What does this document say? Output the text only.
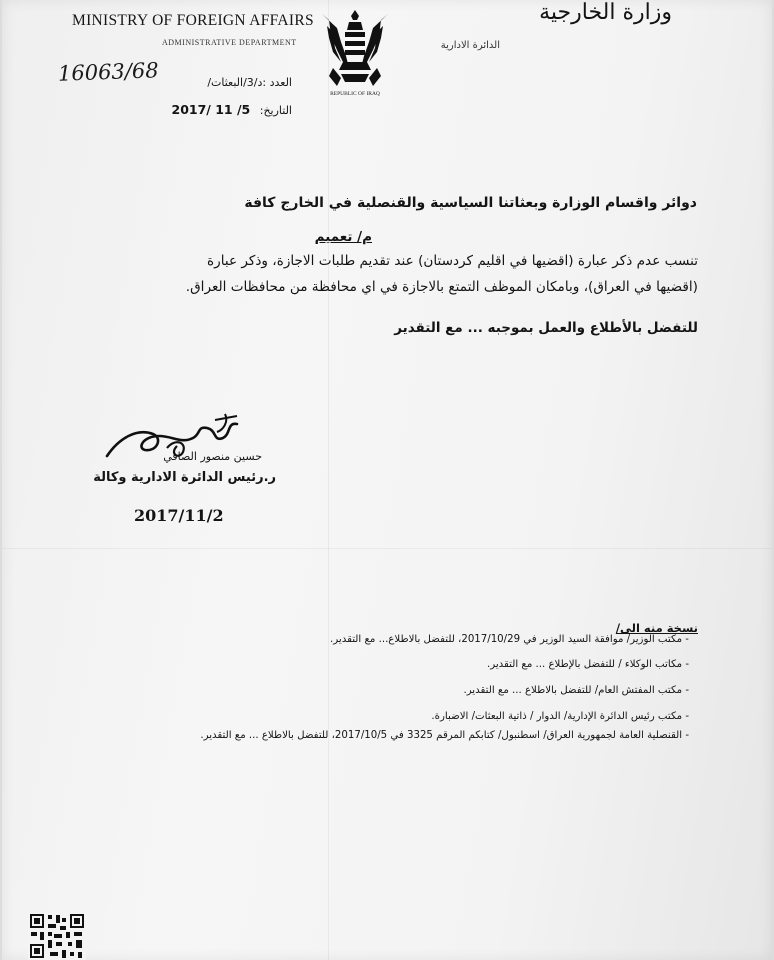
MINISTRY OF FOREIGN AFFAIRS
ADMINISTRATIVE DEPARTMENT
وزارة الخارجية
الدائرة الادارية
REPUBLIC OF IRAQ
16063/68	العدد :د/3/البعثات/
التاريخ: 2017/ 11 /5
دوائر واقسام الوزارة وبعثاتنا السياسية والقنصلية في الخارج كافة
م/ تعميم
تنسب عدم ذكر عبارة (اقضيها في اقليم كردستان) عند تقديم طلبات الاجازة، وذكر عبارة
(اقضيها في العراق)، وبامكان الموظف التمتع بالاجازة في اي محافظة من محافظات العراق.
للتفضل بالأطلاع والعمل بموجبه ... مع التقدير
حسين منصور الصافي
ر.رئيس الدائرة الادارية وكالة
2017/11/2
نسخة منه الى/
- مكتب الوزير/ موافقة السيد الوزير في 2017/10/29، للتفضل بالاطلاع... مع التقدير.
- مكاتب الوكلاء / للتفضل بالإطلاع ... مع التقدير.
- مكتب المفتش العام/ للتفضل بالاطلاع ... مع التقدير.
- مكتب رئيس الدائرة الإدارية/ الدوار / ذاتية البعثات/ الاضبارة.
- القنصلية العامة لجمهورية العراق/ اسطنبول/ كتابكم المرقم 3325 في 2017/10/5، للتفضل بالاطلاع ... مع التقدير.
